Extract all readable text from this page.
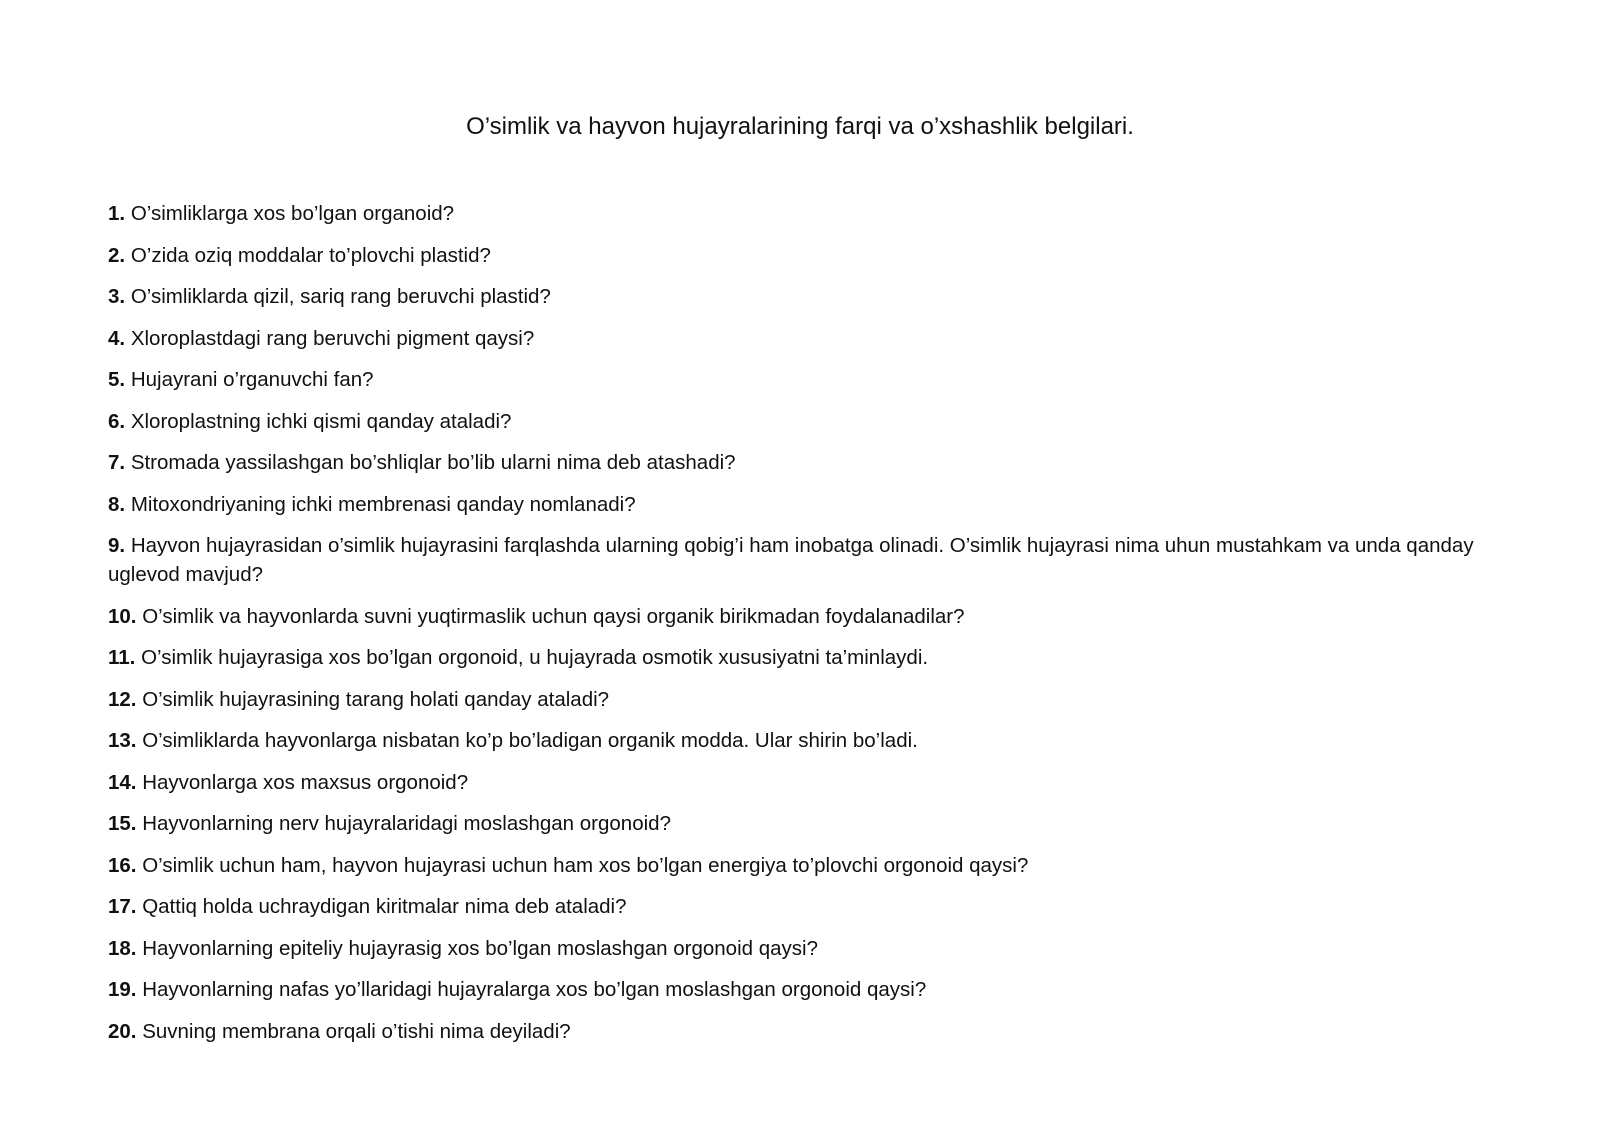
O’simlik va hayvon hujayralarining farqi va o’xshashlik belgilari.
1. O’simliklarga xos bo’lgan organoid?
2. O’zida oziq moddalar to’plovchi plastid?
3. O’simliklarda qizil, sariq rang beruvchi plastid?
4. Xloroplastdagi rang beruvchi pigment qaysi?
5. Hujayrani o’rganuvchi fan?
6. Xloroplastning ichki qismi qanday ataladi?
7. Stromada yassilashgan bo’shliqlar bo’lib ularni nima deb atashadi?
8. Mitoxondriyaning ichki membrenasi qanday nomlanadi?
9. Hayvon hujayrasidan o’simlik hujayrasini farqlashda ularning qobig’i ham inobatga olinadi. O’simlik hujayrasi nima uhun mustahkam va unda qanday uglevod mavjud?
10. O’simlik va hayvonlarda suvni yuqtirmaslik uchun qaysi organik birikmadan foydalanadilar?
11. O’simlik hujayrasiga xos bo’lgan orgonoid, u hujayrada osmotik xususiyatni ta’minlaydi.
12. O’simlik hujayrasining tarang holati qanday ataladi?
13. O’simliklarda hayvonlarga nisbatan ko’p bo’ladigan organik modda. Ular shirin bo’ladi.
14. Hayvonlarga xos maxsus orgonoid?
15. Hayvonlarning nerv hujayralaridagi moslashgan orgonoid?
16. O’simlik uchun ham, hayvon hujayrasi uchun ham xos bo’lgan energiya to’plovchi orgonoid qaysi?
17. Qattiq holda uchraydigan kiritmalar nima deb ataladi?
18. Hayvonlarning epiteliy hujayrasig xos bo’lgan moslashgan orgonoid qaysi?
19. Hayvonlarning nafas yo’llaridagi hujayralarga xos bo’lgan moslashgan orgonoid qaysi?
20. Suvning membrana orqali o’tishi nima deyiladi?
